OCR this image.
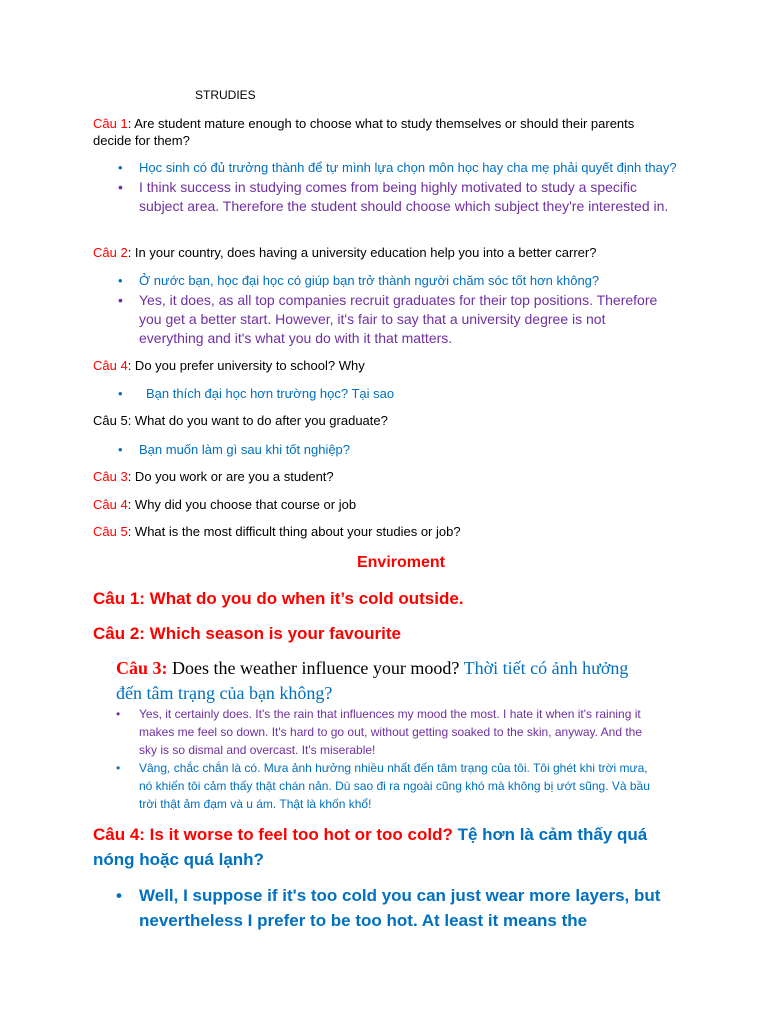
STRUDIES
Câu 1: Are student mature enough to choose what to study themselves or should their parents decide for them?
• Học sinh có đủ trưởng thành để tự mình lựa chọn môn học hay cha mẹ phải quyết định thay?
• I think success in studying comes from being highly motivated to study a specific subject area. Therefore the student should choose which subject they're interested in.
Câu 2: In your country, does having a university education help you into a better carrer?
• Ở nước bạn, học đại học có giúp bạn trở thành người chăm sóc tốt hơn không?
• Yes, it does, as all top companies recruit graduates for their top positions. Therefore you get a better start. However, it's fair to say that a university degree is not everything and it's what you do with it that matters.
Câu 4: Do you prefer university to school? Why
• Bạn thích đại học hơn trường học? Tại sao
Câu 5: What do you want to do after you graduate?
• Bạn muốn làm gì sau khi tốt nghiệp?
Câu 3: Do you work or are you a student?
Câu 4: Why did you choose that course or job
Câu 5: What is the most difficult thing about your studies or job?
Enviroment
Câu 1: What do you do when it’s cold outside.
Câu 2: Which season is your favourite
Câu 3: Does the weather influence your mood? Thời tiết có ảnh hưởng đến tâm trạng của bạn không?
• Yes, it certainly does. It's the rain that influences my mood the most. I hate it when it's raining it makes me feel so down. It's hard to go out, without getting soaked to the skin, anyway. And the sky is so dismal and overcast. It's miserable!
• Vâng, chắc chắn là có. Mưa ảnh hưởng nhiều nhất đến tâm trạng của tôi. Tôi ghét khi trời mưa, nó khiến tôi cảm thấy thật chán nản. Dù sao đi ra ngoài cũng khó mà không bị ướt sũng. Và bầu trời thật ảm đạm và u ám. Thật là khốn khổ!
Câu 4: Is it worse to feel too hot or too cold? Tệ hơn là cảm thấy quá nóng hoặc quá lạnh?
• Well, I suppose if it's too cold you can just wear more layers, but nevertheless I prefer to be too hot. At least it means the
